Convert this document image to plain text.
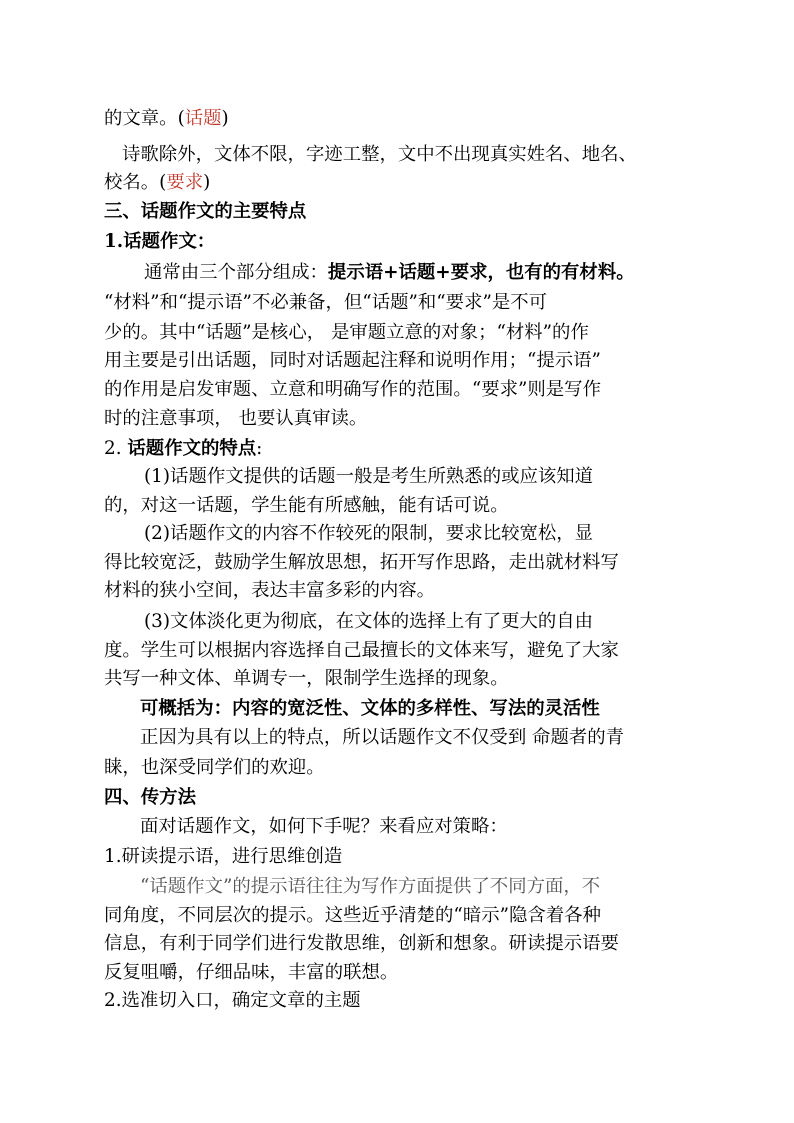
的文章。(话题)
诗歌除外，文体不限，字迹工整，文中不出现真实姓名、地名、
校名。(要求)
三、话题作文的主要特点
1.话题作文：
通常由三个部分组成：提示语+话题+要求，也有的有材料。
“材料”和“提示语”不必兼备，但“话题”和“要求”是不可
少的。其中“话题”是核心， 是审题立意的对象；“材料”的作
用主要是引出话题，同时对话题起注释和说明作用；“提示语”
的作用是启发审题、立意和明确写作的范围。“要求”则是写作
时的注意事项， 也要认真审读。
2. 话题作文的特点:
(1)话题作文提供的话题一般是考生所熟悉的或应该知道
的，对这一话题，学生能有所感触，能有话可说。
(2)话题作文的内容不作较死的限制，要求比较宽松，显
得比较宽泛，鼓励学生解放思想，拓开写作思路，走出就材料写
材料的狭小空间，表达丰富多彩的内容。
(3)文体淡化更为彻底，在文体的选择上有了更大的自由
度。学生可以根据内容选择自己最擅长的文体来写，避免了大家
共写一种文体、单调专一，限制学生选择的现象。
可概括为：内容的宽泛性、文体的多样性、写法的灵活性
正因为具有以上的特点，所以话题作文不仅受到 命题者的青
睐，也深受同学们的欢迎。
四、传方法
面对话题作文，如何下手呢？来看应对策略：
1.研读提示语，进行思维创造
“话题作文”的提示语往往为写作方面提供了不同方面，不
同角度，不同层次的提示。这些近乎清楚的“暗示”隐含着各种
信息，有利于同学们进行发散思维，创新和想象。研读提示语要
反复咀嚼，仔细品味，丰富的联想。
2.选准切入口，确定文章的主题
